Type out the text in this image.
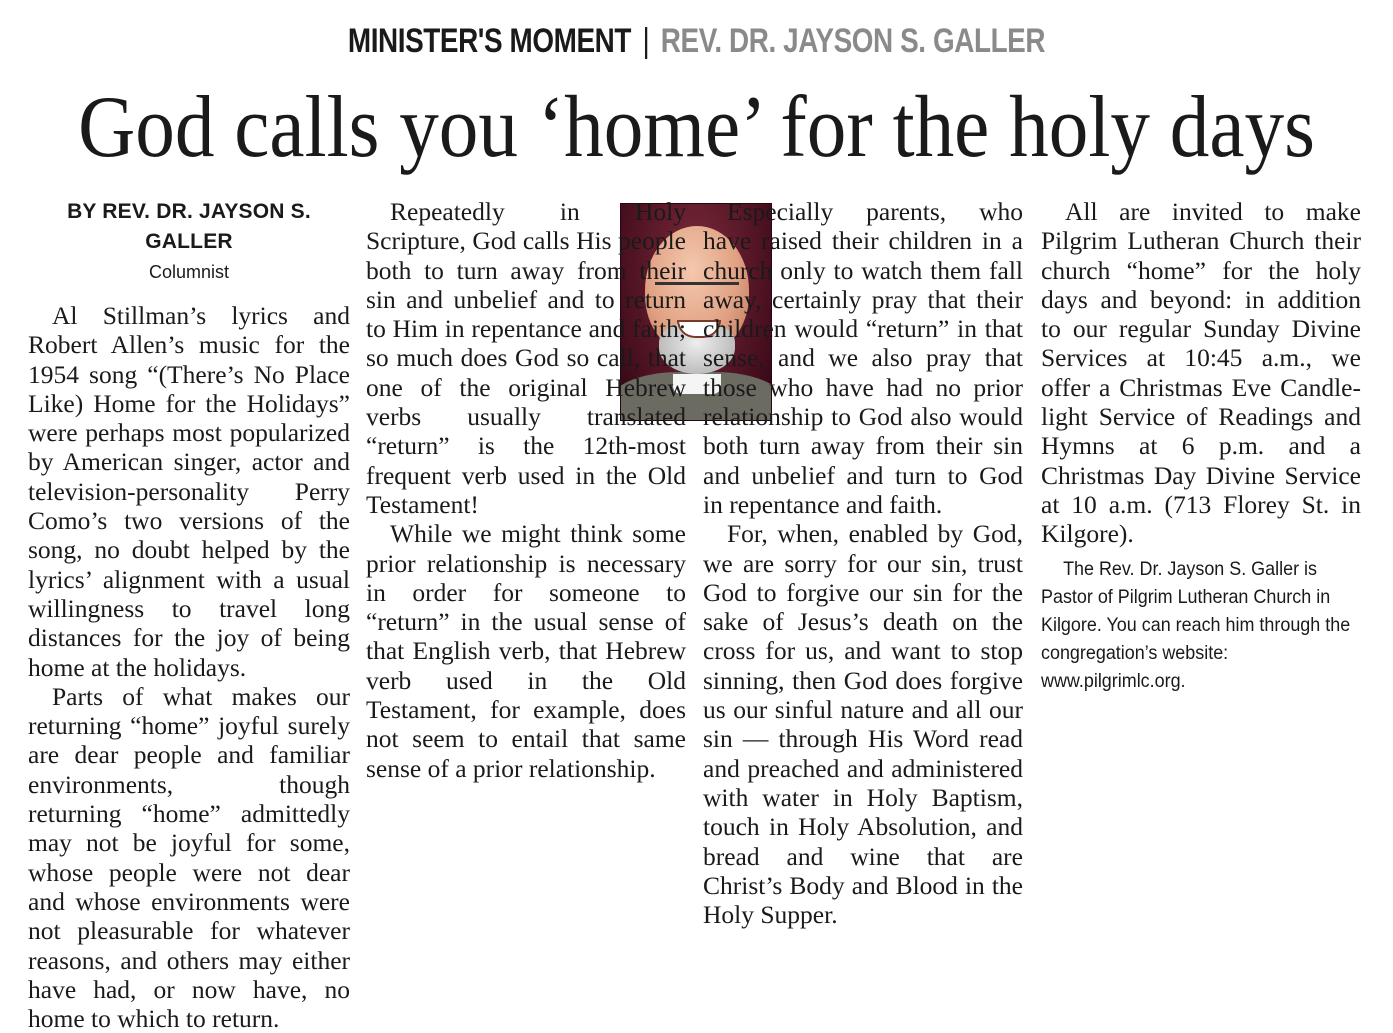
MINISTER'S MOMENT | REV. DR. JAYSON S. GALLER
God calls you ‘home’ for the holy days
BY REV. DR. JAYSON S. GALLER
Columnist

Al Stillman’s lyrics and Robert Allen’s music for the 1954 song “(There’s No Place Like) Home for the Holidays” were perhaps most popularized by American singer, actor and television-personality Perry Como’s two versions of the song, no doubt helped by the lyrics’ alignment with a usual willingness to travel long distances for the joy of being home at the holidays.

Parts of what makes our returning “home” joyful surely are dear people and familiar environments, though returning “home” admittedly may not be joyful for some, whose people were not dear and whose environments were not pleasurable for whatever reasons, and others may either have had, or now have, no home to which to return.

Repeatedly in Holy Scripture, God calls His people both to turn away from their sin and unbelief and to return to Him in repentance and faith; so much does God so call, that one of the original Hebrew verbs usually translated “return” is the 12th-most frequent verb used in the Old Testament!

While we might think some prior relationship is necessary in order for someone to “return” in the usual sense of that English verb, that Hebrew verb used in the Old Testament, for example, does not seem to entail that same sense of a prior relationship.

Especially parents, who have raised their children in a church only to watch them fall away, certainly pray that their children would “return” in that sense, and we also pray that those who have had no prior relationship to God also would both turn away from their sin and unbelief and turn to God in repentance and faith.

For, when, enabled by God, we are sorry for our sin, trust God to forgive our sin for the sake of Jesus’s death on the cross for us, and want to stop sinning, then God does forgive us our sinful nature and all our sin — through His Word read and preached and administered with water in Holy Baptism, touch in Holy Absolution, and bread and wine that are Christ’s Body and Blood in the Holy Supper.

All are invited to make Pilgrim Lutheran Church their church “home” for the holy days and beyond: in addition to our regular Sunday Divine Services at 10:45 a.m., we offer a Christmas Eve Candlelight Service of Readings and Hymns at 6 p.m. and a Christmas Day Divine Service at 10 a.m. (713 Florey St. in Kilgore).

The Rev. Dr. Jayson S. Galler is Pastor of Pilgrim Lutheran Church in Kilgore. You can reach him through the congregation’s website: www.pilgrimlc.org.
